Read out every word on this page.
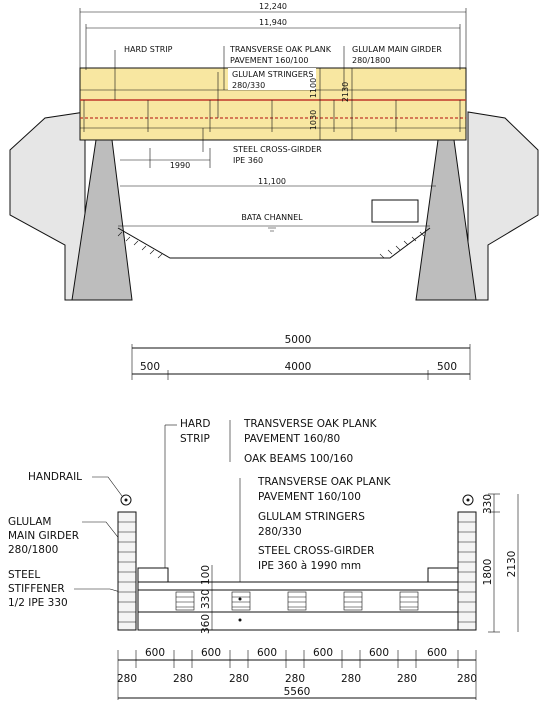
BATA CHANNEL
12,240
11,940
HARD STRIP	TRANSVERSE OAK PLANK
PAVEMENT 160/100
GLULAM MAIN GIRDER
280/1800
GLULAM STRINGERS
280/330	1100
1030
2130
STEEL CROSS-GIRDER
IPE 360
1990
11,100
5000
500	4000	500
HARD
STRIP
TRANSVERSE OAK PLANK
PAVEMENT 160/80
OAK BEAMS 100/160
HANDRAIL	TRANSVERSE OAK PLANK
PAVEMENT 160/100
GLULAM STRINGERS
280/330
STEEL CROSS-GIRDER
IPE 360 à 1990 mm
GLULAM
MAIN GIRDER
280/1800
STEEL
STIFFENER
1/2 IPE 330
100
330
360
330
1800 2130
600	600	600	600	600	600
280	280	280	280	280	280	280
5560
